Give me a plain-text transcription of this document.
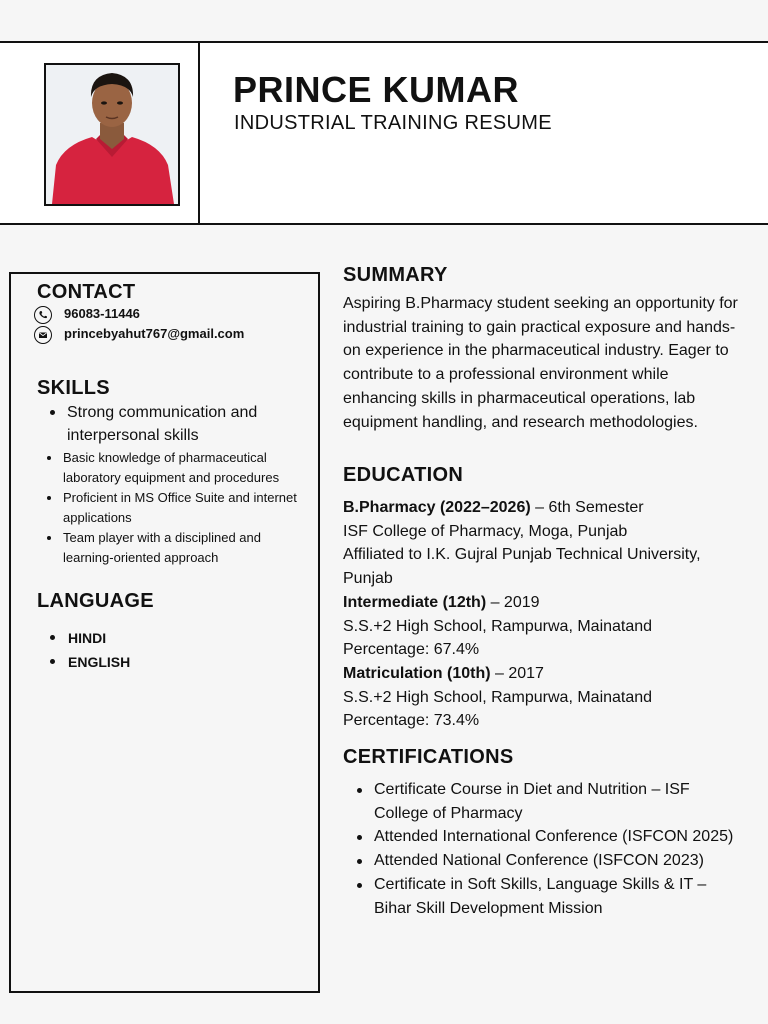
PRINCE KUMAR
INDUSTRIAL TRAINING RESUME
CONTACT
96083-11446
princebyahut767@gmail.com
SKILLS
Strong communication and interpersonal skills
Basic knowledge of pharmaceutical laboratory equipment and procedures
Proficient in MS Office Suite and internet applications
Team player with a disciplined and learning-oriented approach
LANGUAGE
HINDI
ENGLISH
SUMMARY
Aspiring B.Pharmacy student seeking an opportunity for industrial training to gain practical exposure and hands-on experience in the pharmaceutical industry. Eager to contribute to a professional environment while enhancing skills in pharmaceutical operations, lab equipment handling, and research methodologies.
EDUCATION
B.Pharmacy (2022–2026) – 6th Semester
ISF College of Pharmacy, Moga, Punjab
Affiliated to I.K. Gujral Punjab Technical University, Punjab
Intermediate (12th) – 2019
S.S.+2 High School, Rampurwa, Mainatand
Percentage: 67.4%
Matriculation (10th) – 2017
S.S.+2 High School, Rampurwa, Mainatand
Percentage: 73.4%
CERTIFICATIONS
Certificate Course in Diet and Nutrition – ISF College of Pharmacy
Attended International Conference (ISFCON 2025)
Attended National Conference (ISFCON 2023)
Certificate in Soft Skills, Language Skills & IT – Bihar Skill Development Mission
